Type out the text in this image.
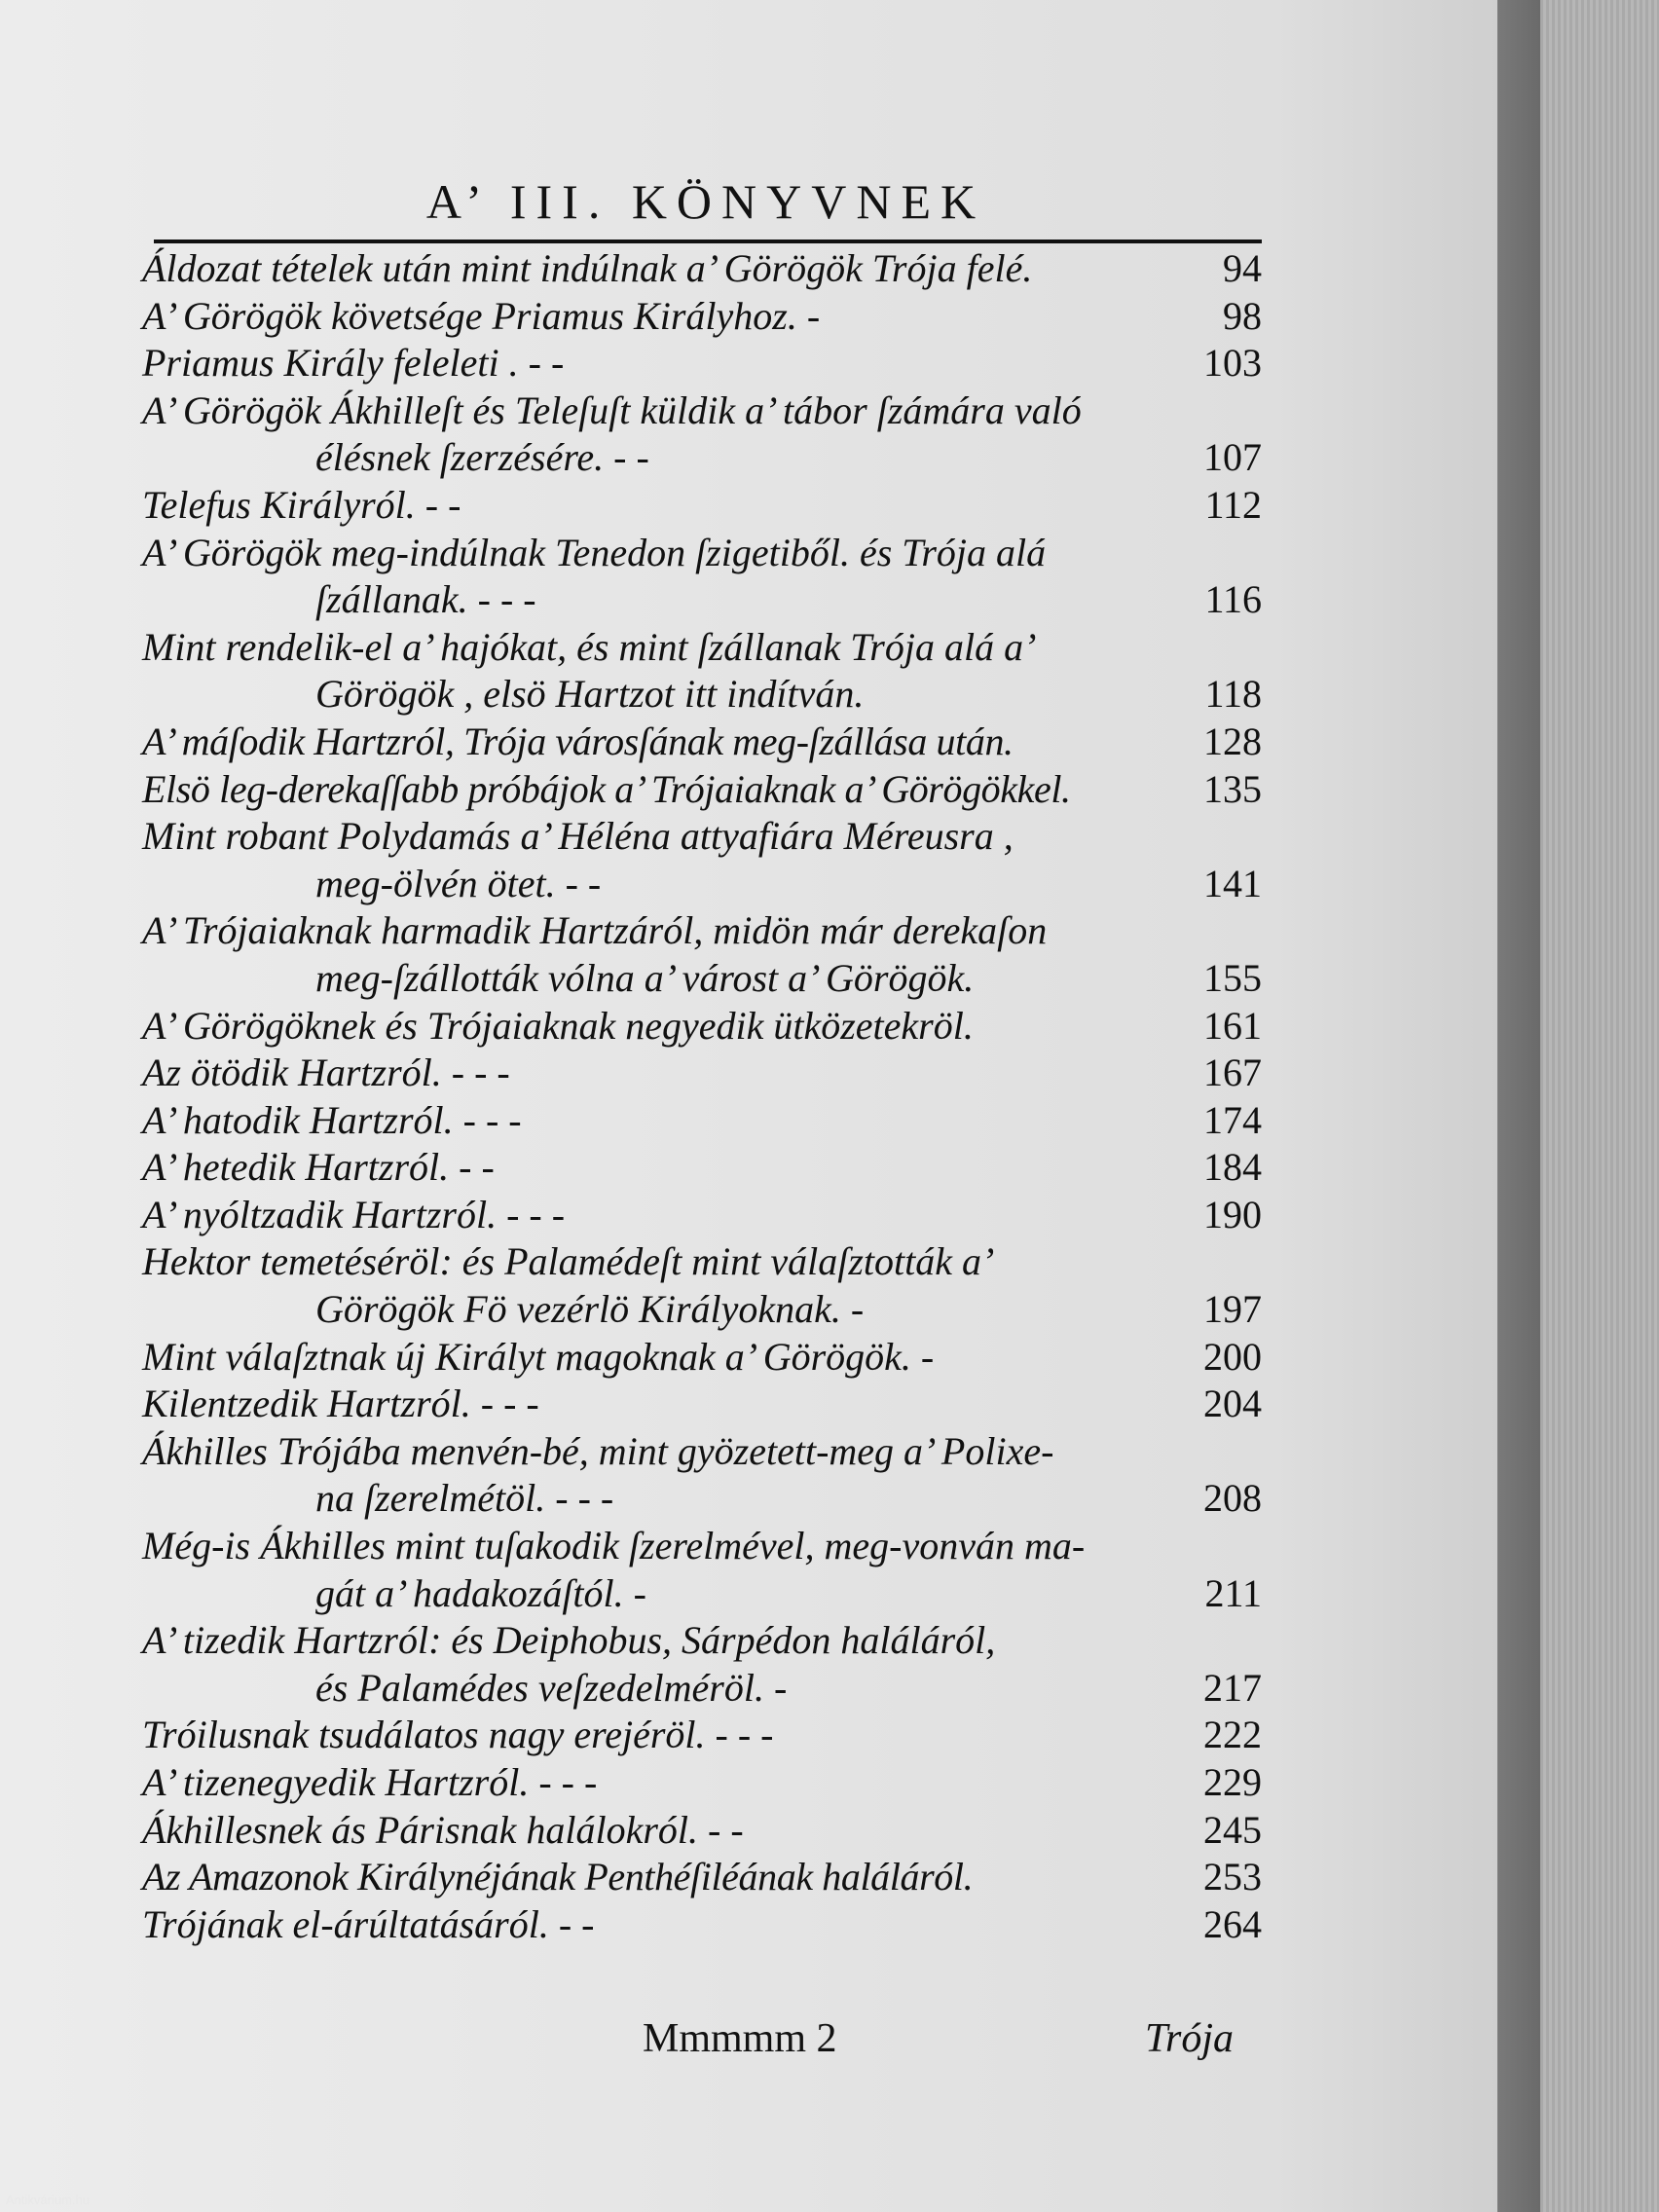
A’ III. KÖNYVNEK
Áldozat tételek után mint indúlnak a’ Görögök Trója felé.	94
A’ Görögök követsége Priamus Királyhoz. -	98
Priamus Király feleleti . - -	103
A’ Görögök Ákhilleſt és Teleſuſt küldik a’ tábor ſzámára való
élésnek ſzerzésére. - -	107
Telefus Királyról. - -	112
A’ Görögök meg-indúlnak Tenedon ſzigetiből. és Trója alá
ſzállanak. - - -	116
Mint rendelik-el a’ hajókat, és mint ſzállanak Trója alá a’
Görögök , elsö Hartzot itt indítván.	118
A’ máſodik Hartzról, Trója városſának meg-ſzállása után.	128
Elsö leg-derekaſſabb próbájok a’ Trójaiaknak a’ Görögökkel.	135
Mint robant Polydamás a’ Héléna attyafiára Méreusra ,
meg-ölvén ötet. - -	141
A’ Trójaiaknak harmadik Hartzáról, midön már derekaſon
meg-ſzállották vólna a’ várost a’ Görögök.	155
A’ Görögöknek és Trójaiaknak negyedik ütközetekröl.	161
Az ötödik Hartzról. - - -	167
A’ hatodik Hartzról. - - -	174
A’ hetedik Hartzról. - -	184
A’ nyóltzadik Hartzról. - - -	190
Hektor temetéséröl: és Palamédeſt mint válaſztották a’
Görögök Fö vezérlö Királyoknak. -	197
Mint válaſztnak új Királyt magoknak a’ Görögök. -	200
Kilentzedik Hartzról. - - -	204
Ákhilles Trójába menvén-bé, mint gyözetett-meg a’ Polixe-
na ſzerelmétöl. - - -	208
Még-is Ákhilles mint tuſakodik ſzerelmével, meg-vonván ma-
gát a’ hadakozáſtól. -	211
A’ tizedik Hartzról: és Deiphobus, Sárpédon haláláról,
és Palamédes veſzedelméröl. -	217
Tróilusnak tsudálatos nagy erejéröl. - - -	222
A’ tizenegyedik Hartzról. - - -	229
Ákhillesnek ás Párisnak halálokról. - -	245
Az Amazonok Királynéjának Penthéſiléának haláláról.	253
Trójának el-árúltatásáról. - -	264
Mmmmm 2	Trója
Antikvárium.hu
